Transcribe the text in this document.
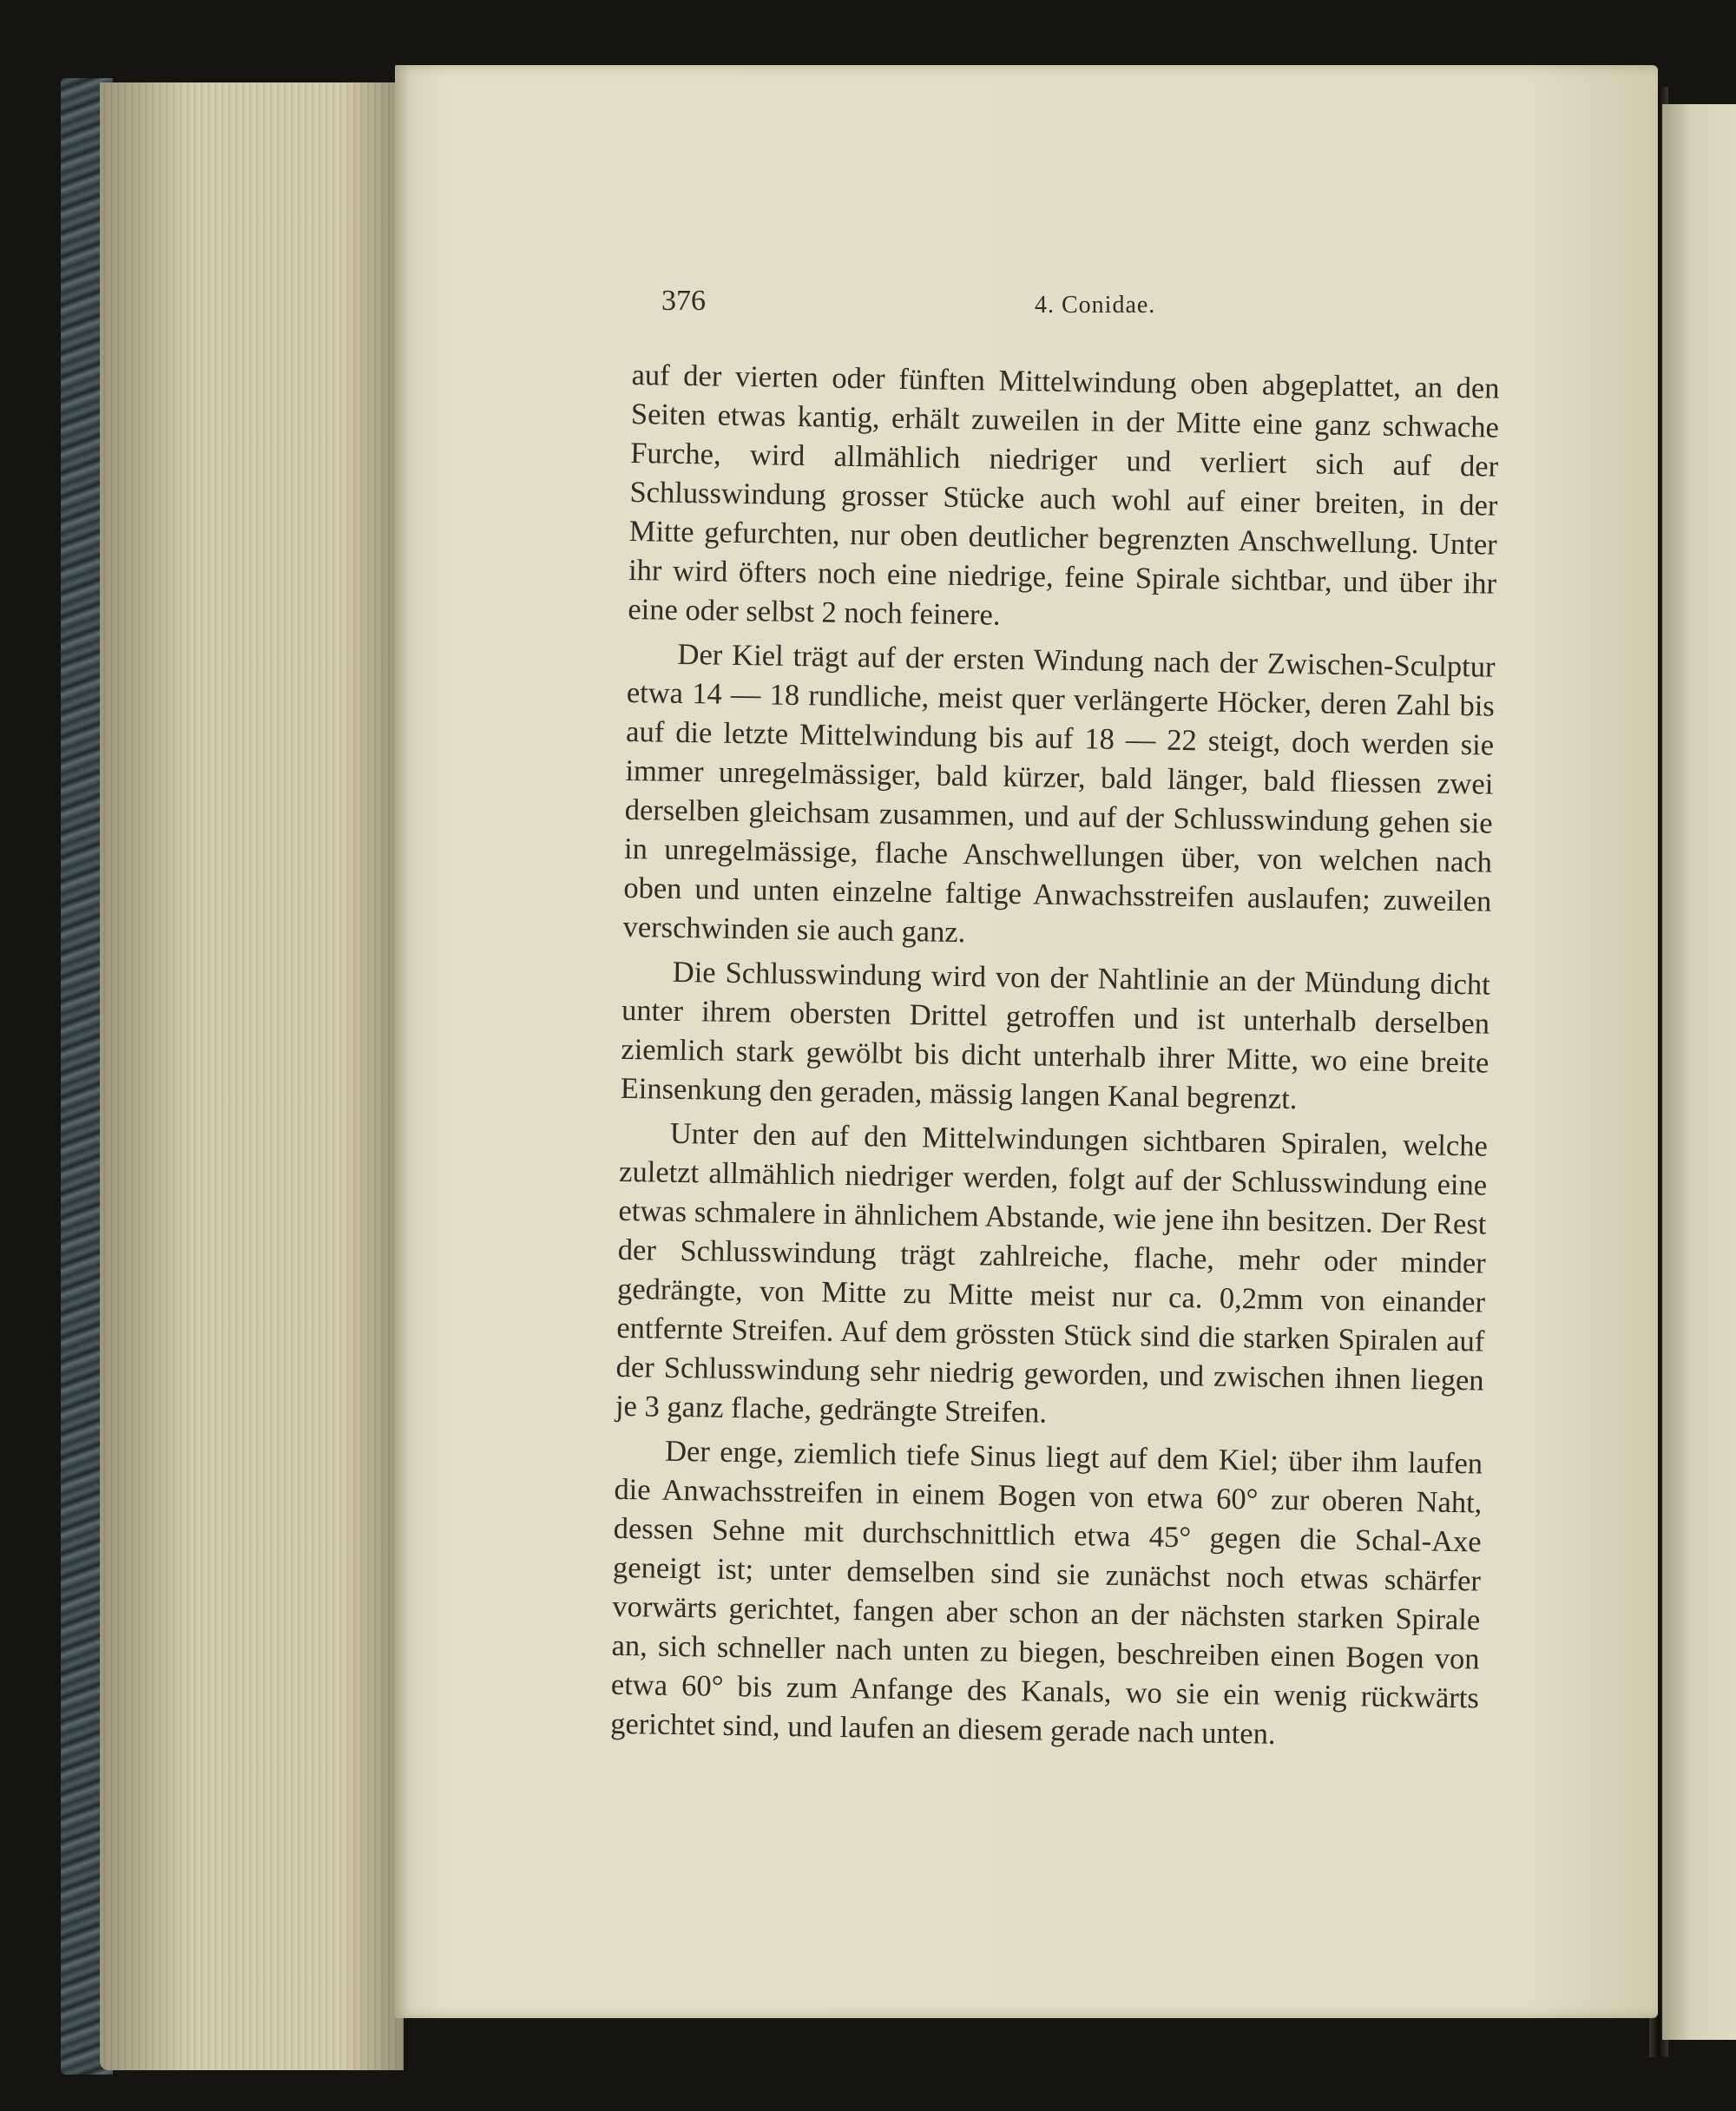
376	4. Conidae.

auf der vierten oder fünften Mittelwindung oben abgeplattet, an den Seiten etwas kantig, erhält zuweilen in der Mitte eine ganz schwache Furche, wird allmählich niedriger und verliert sich auf der Schlusswindung grosser Stücke auch wohl auf einer breiten, in der Mitte gefurchten, nur oben deutlicher begrenzten Anschwellung. Unter ihr wird öfters noch eine niedrige, feine Spirale sichtbar, und über ihr eine oder selbst 2 noch feinere.

Der Kiel trägt auf der ersten Windung nach der Zwischen-Sculptur etwa 14 — 18 rundliche, meist quer verlängerte Höcker, deren Zahl bis auf die letzte Mittelwindung bis auf 18 — 22 steigt, doch werden sie immer unregelmässiger, bald kürzer, bald länger, bald fliessen zwei derselben gleichsam zusammen, und auf der Schlusswindung gehen sie in unregelmässige, flache Anschwellungen über, von welchen nach oben und unten einzelne faltige Anwachsstreifen auslaufen; zuweilen verschwinden sie auch ganz.

Die Schlusswindung wird von der Nahtlinie an der Mündung dicht unter ihrem obersten Drittel getroffen und ist unterhalb derselben ziemlich stark gewölbt bis dicht unterhalb ihrer Mitte, wo eine breite Einsenkung den geraden, mässig langen Kanal begrenzt.

Unter den auf den Mittelwindungen sichtbaren Spiralen, welche zuletzt allmählich niedriger werden, folgt auf der Schlusswindung eine etwas schmalere in ähnlichem Abstande, wie jene ihn besitzen. Der Rest der Schlusswindung trägt zahlreiche, flache, mehr oder minder gedrängte, von Mitte zu Mitte meist nur ca. 0,2mm von einander entfernte Streifen. Auf dem grössten Stück sind die starken Spiralen auf der Schlusswindung sehr niedrig geworden, und zwischen ihnen liegen je 3 ganz flache, gedrängte Streifen.

Der enge, ziemlich tiefe Sinus liegt auf dem Kiel; über ihm laufen die Anwachsstreifen in einem Bogen von etwa 60° zur oberen Naht, dessen Sehne mit durchschnittlich etwa 45° gegen die Schal-Axe geneigt ist; unter demselben sind sie zunächst noch etwas schärfer vorwärts gerichtet, fangen aber schon an der nächsten starken Spirale an, sich schneller nach unten zu biegen, beschreiben einen Bogen von etwa 60° bis zum Anfange des Kanals, wo sie ein wenig rückwärts gerichtet sind, und laufen an diesem gerade nach unten.
